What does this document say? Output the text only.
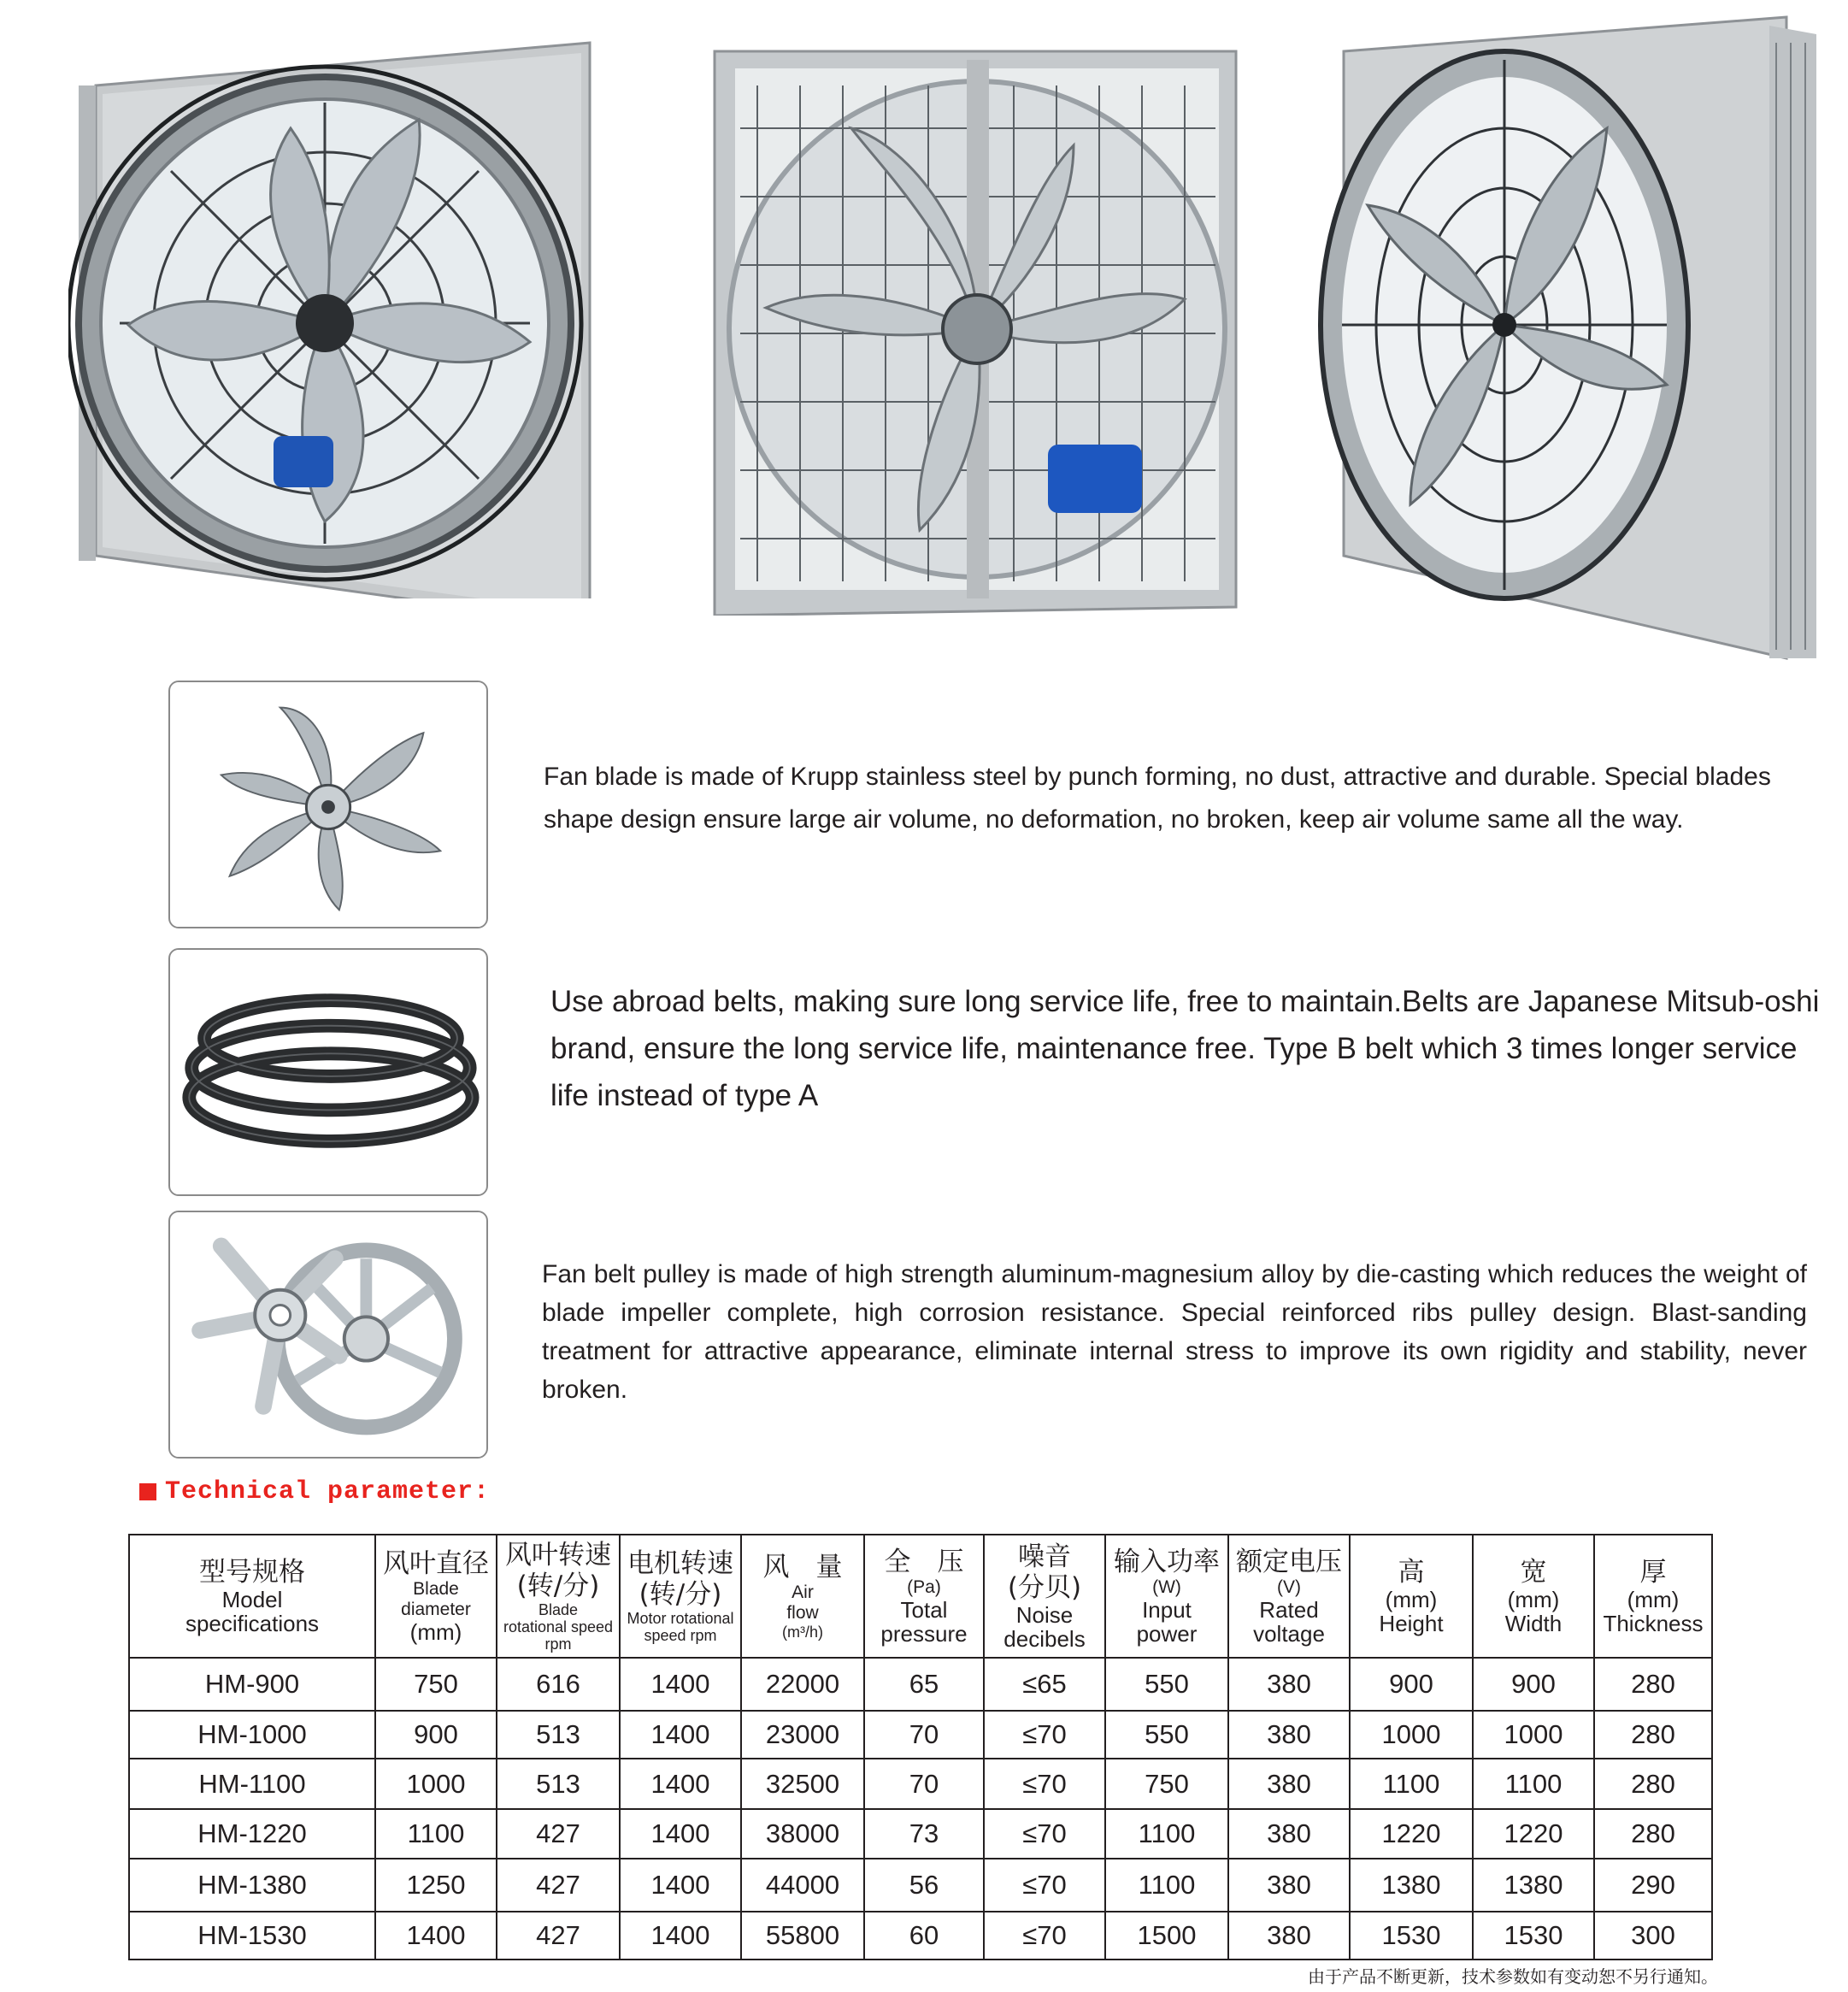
Fan blade is made of Krupp stainless steel by punch forming, no dust, attractive and durable. Special blades shape design ensure large air volume, no deformation, no broken, keep air volume same all the way.
Use abroad belts, making sure long service life, free to maintain.Belts are Japanese Mitsub-oshi brand, ensure the long service life, maintenance free. Type B belt which 3 times longer service life instead of type A
Fan belt pulley is made of high strength aluminum-magnesium alloy by die-casting which reduces the weight of blade impeller complete, high corrosion resistance. Special reinforced ribs pulley design. Blast-sanding treatment for attractive appearance, eliminate internal stress to improve its own rigidity and stability, never broken.
Technical parameter:
型号规格
Model
specifications	风叶直径
Blade
diameter
(mm)	风叶转速
(转/分)
Blade
rotational speed
rpm	电机转速
(转/分)
Motor rotational
speed rpm	风　量
Air
flow
(m³/h)	全　压
(Pa)
Total
pressure	噪音
(分贝)
Noise
decibels	输入功率
(W)
Input
power	额定电压
(V)
Rated
voltage	高
(mm)
Height	宽
(mm)
Width	厚
(mm)
Thickness

HM-900	750	616	1400	22000	65	≤65	550	380	900	900	280
HM-1000	900	513	1400	23000	70	≤70	550	380	1000	1000	280
HM-1100	1000	513	1400	32500	70	≤70	750	380	1100	1100	280
HM-1220	1100	427	1400	38000	73	≤70	1100	380	1220	1220	280
HM-1380	1250	427	1400	44000	56	≤70	1100	380	1380	1380	290
HM-1530	1400	427	1400	55800	60	≤70	1500	380	1530	1530	300
由于产品不断更新，技术参数如有变动恕不另行通知。
